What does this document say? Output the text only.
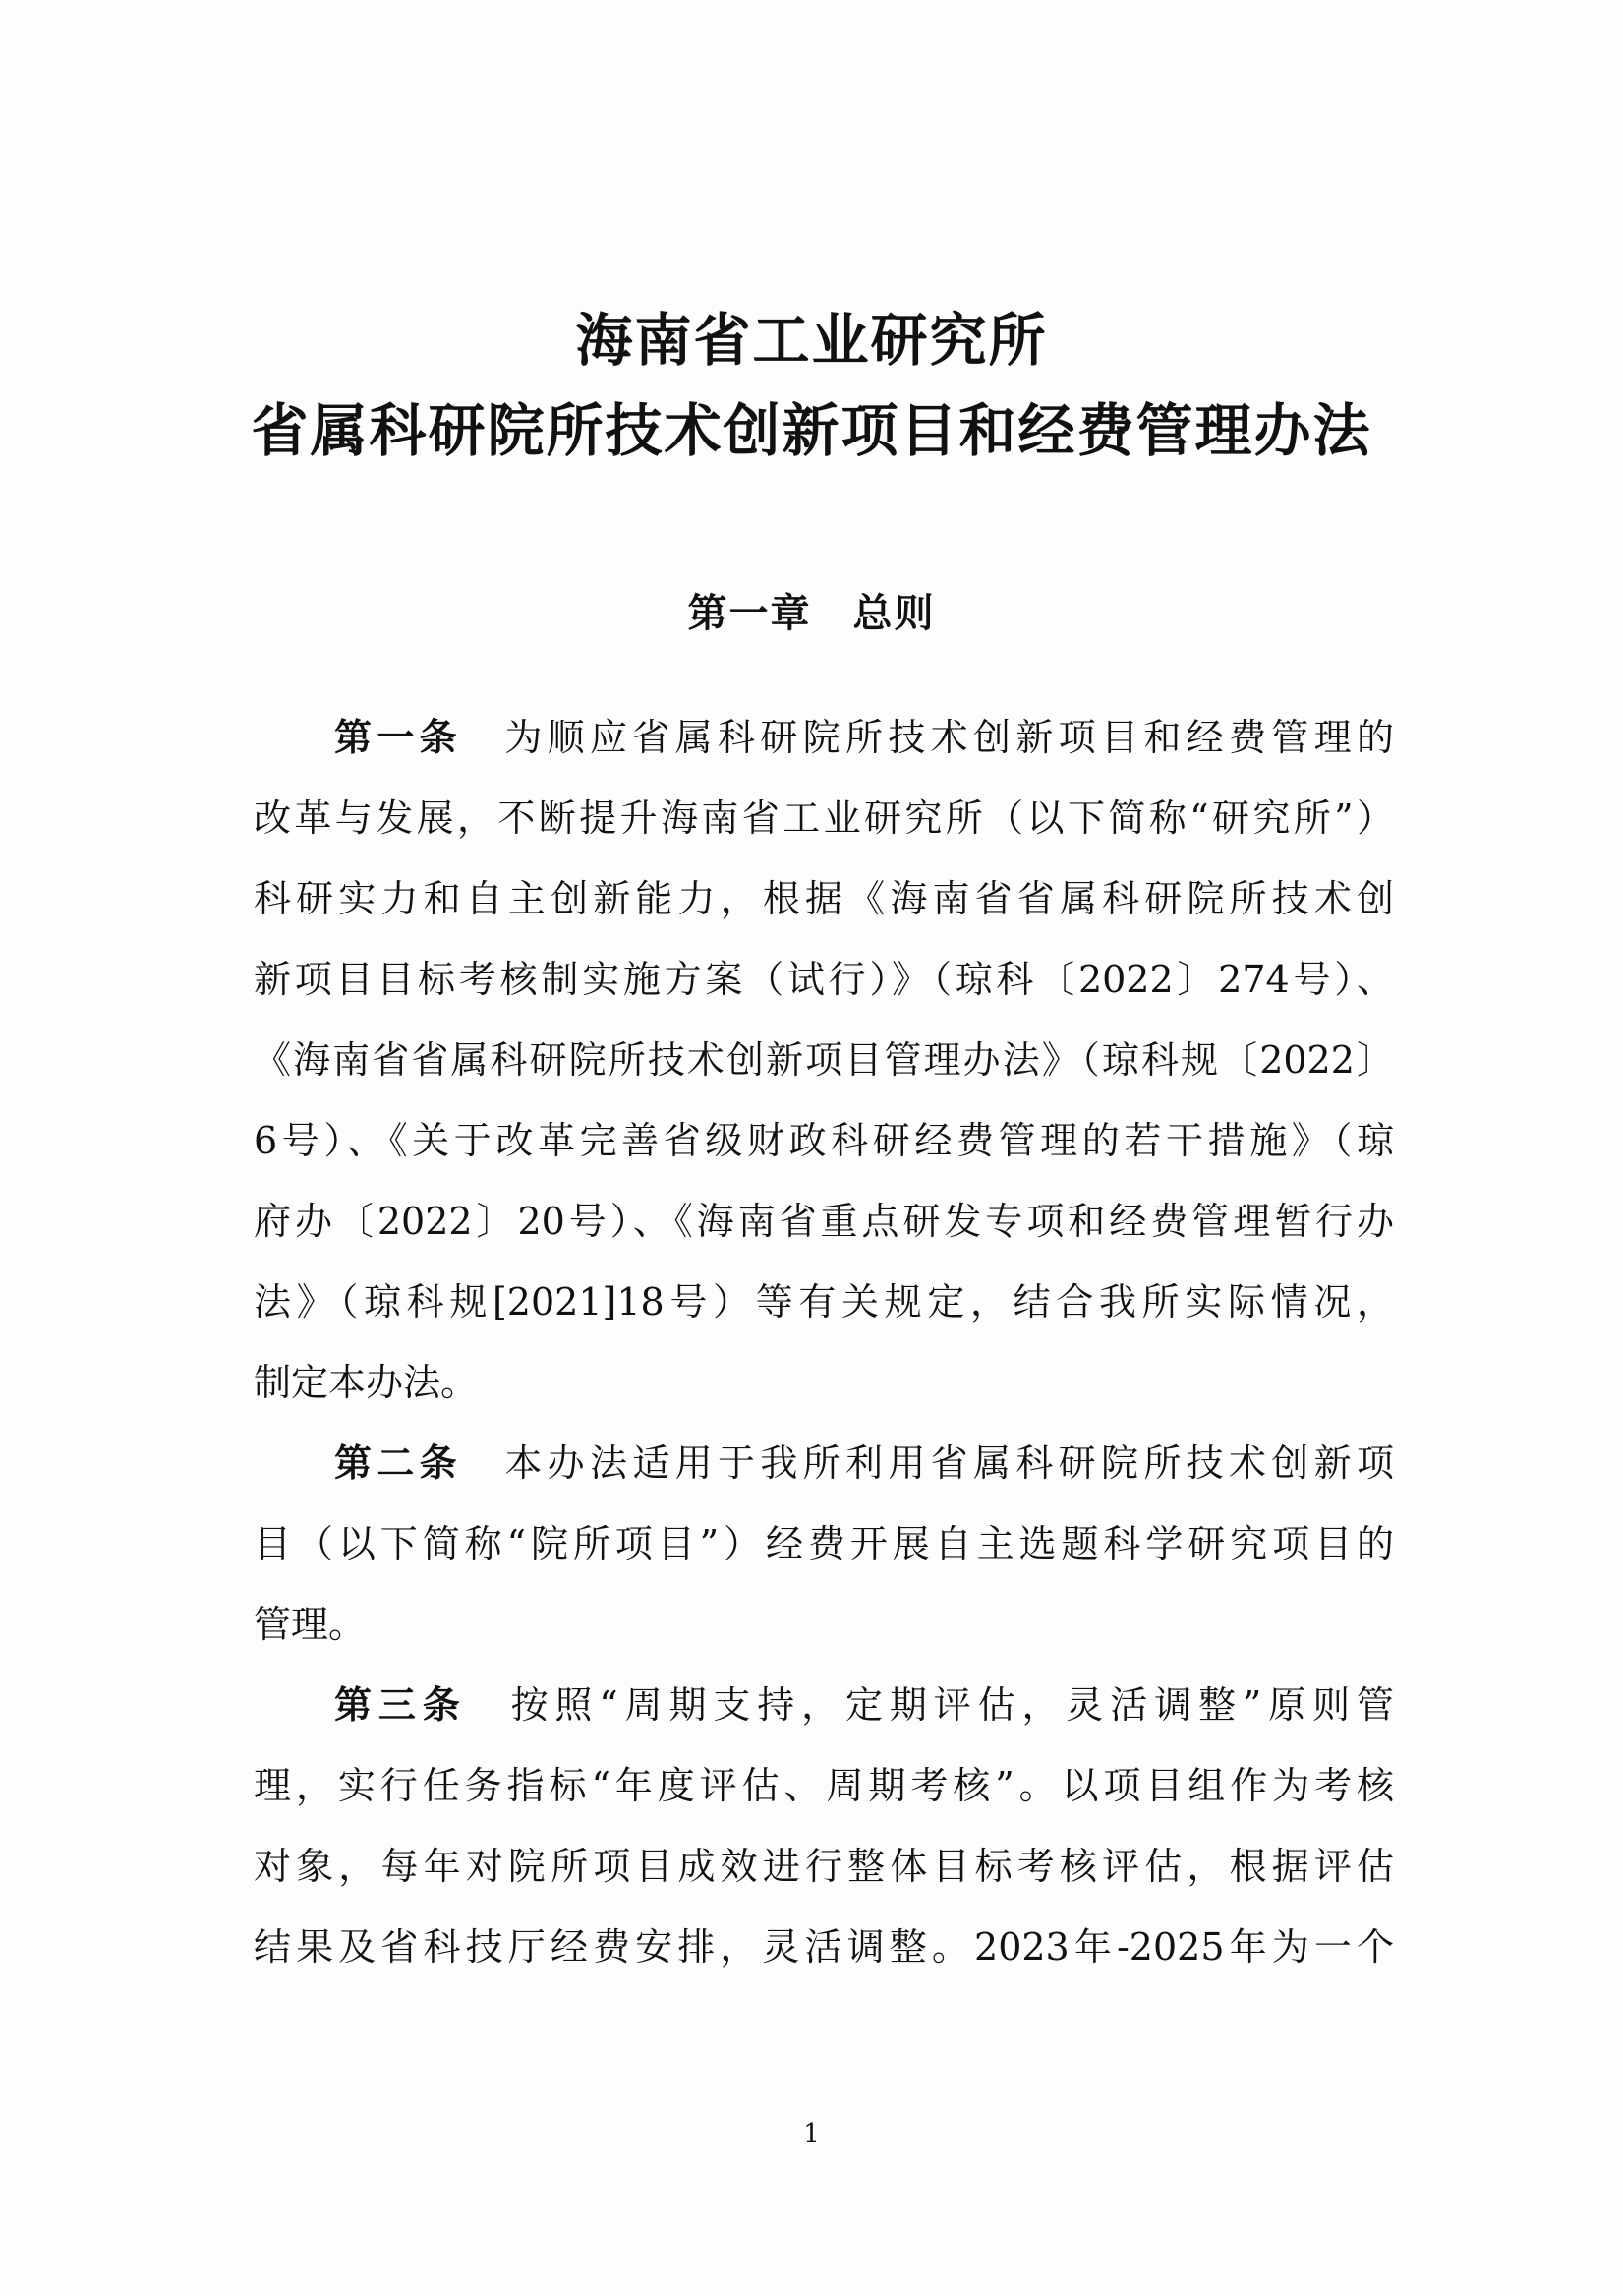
海南省工业研究所
省属科研院所技术创新项目和经费管理办法
第一章　总则
第一条　 为顺应省属科研院所技术创新项目和经费管理的
改革与发展，不断提升海南省工业研究所（以下简称“研究所”）
科研实力和自主创新能力，根据《海南省省属科研院所技术创
新项目目标考核制实施方案（试行）》（琼科〔2022〕274号）、
《海南省省属科研院所技术创新项目管理办法》（琼科规〔2022〕
6号）、《关于改革完善省级财政科研经费管理的若干措施》（琼
府办〔2022〕20号）、《海南省重点研发专项和经费管理暂行办
法》（琼科规[2021]18号）等有关规定，结合我所实际情况，
制定本办法。
第二条　 本办法适用于我所利用省属科研院所技术创新项
目（以下简称“院所项目”）经费开展自主选题科学研究项目的
管理。
第三条　 按照“周期支持，定期评估，灵活调整”原则管
理，实行任务指标“年度评估、周期考核”。以项目组作为考核
对象，每年对院所项目成效进行整体目标考核评估，根据评估
结果及省科技厅经费安排，灵活调整。2023年-2025年为一个
1
